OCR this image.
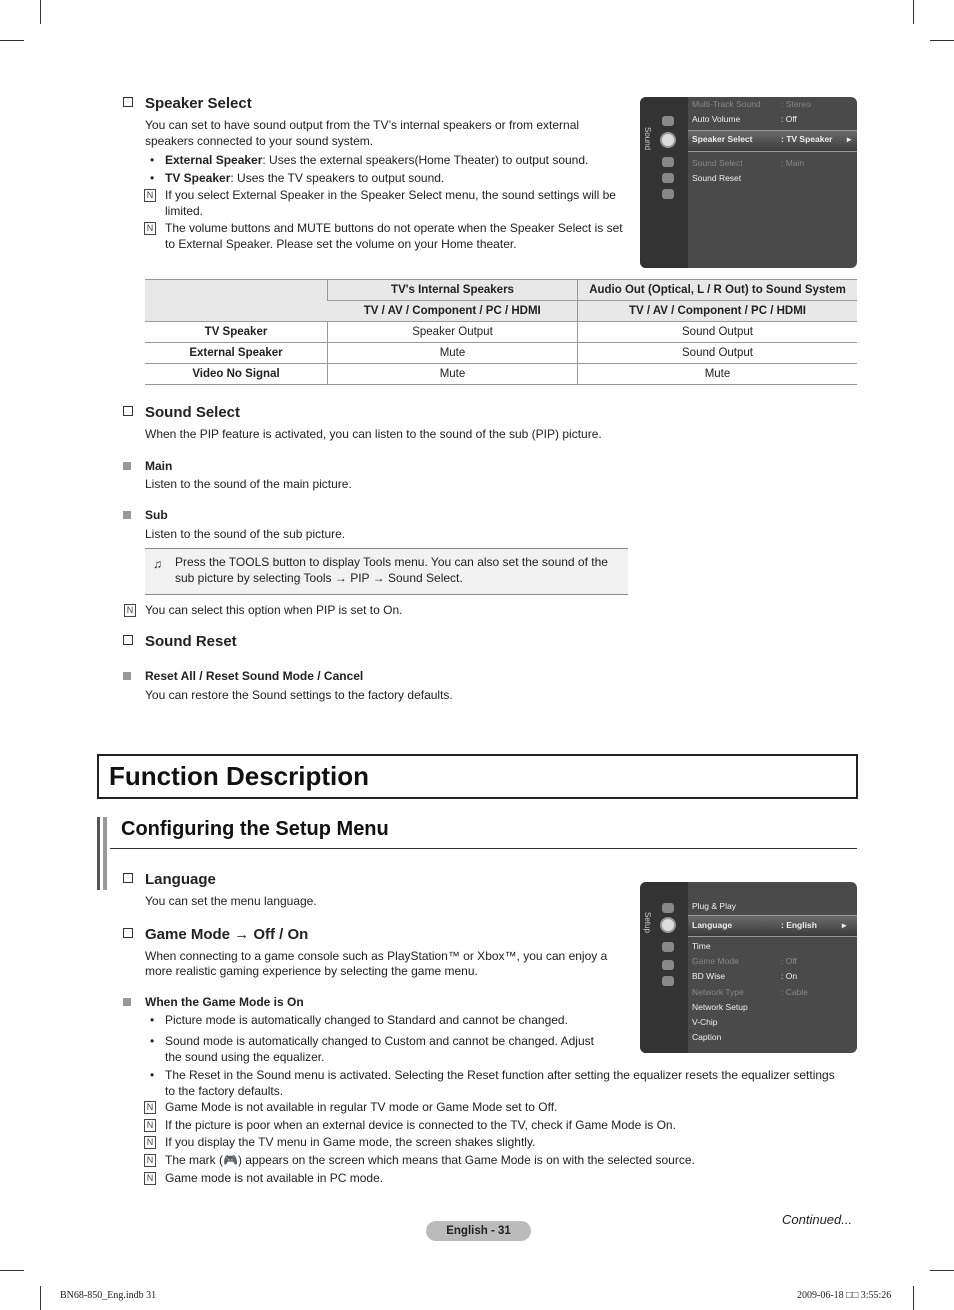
Speaker Select
You can set to have sound output from the TV’s internal speakers or from external speakers connected to your sound system.
• External Speaker: Uses the external speakers(Home Theater) to output sound.
• TV Speaker: Uses the TV speakers to output sound.
N If you select External Speaker in the Speaker Select menu, the sound settings will be limited.
N The volume buttons and MUTE buttons do not operate when the Speaker Select is set to External Speaker. Please set the volume on your Home theater.
Sound
Multi-Track Sound : Stereo
Auto Volume	: Off
Speaker Select	: TV Speaker ▸
Sound Select	: Main
Sound Reset
	TV's Internal Speakers	Audio Out (Optical, L / R Out) to Sound System
	TV / AV / Component / PC / HDMI	TV / AV / Component / PC / HDMI
TV Speaker	Speaker Output	Sound Output
External Speaker	Mute	Sound Output
Video No Signal	Mute	Mute
Sound Select
When the PIP feature is activated, you can listen to the sound of the sub (PIP) picture.
Main
Listen to the sound of the main picture.
Sub
Listen to the sound of the sub picture.
♫ Press the TOOLS button to display Tools menu. You can also set the sound of the
sub picture by selecting Tools → PIP → Sound Select.
N You can select this option when PIP is set to On.
Sound Reset
Reset All / Reset Sound Mode / Cancel
You can restore the Sound settings to the factory defaults.
Function Description
Configuring the Setup Menu
Language
You can set the menu language.
Game Mode → Off / On
When connecting to a game console such as PlayStation™ or Xbox™, you can enjoy a
more realistic gaming experience by selecting the game menu.
When the Game Mode is On
• Picture mode is automatically changed to Standard and cannot be changed.
• Sound mode is automatically changed to Custom and cannot be changed. Adjust
the sound using the equalizer.
• The Reset in the Sound menu is activated. Selecting the Reset function after setting the equalizer resets the equalizer settings
to the factory defaults.
N Game Mode is not available in regular TV mode or Game Mode set to Off.
N If the picture is poor when an external device is connected to the TV, check if Game Mode is On.
N If you display the TV menu in Game mode, the screen shakes slightly.
N The mark (🎮) appears on the screen which means that Game Mode is on with the selected source.
N Game mode is not available in PC mode.
Setup
Plug & Play
Language	: English	▸
Time
Game Mode	: Off
BD Wise	: On
Network Type	: Cable
Network Setup
V-Chip
Caption
Continued...
English - 31
BN68-850_Eng.indb 31	2009-06-18 □□ 3:55:26
